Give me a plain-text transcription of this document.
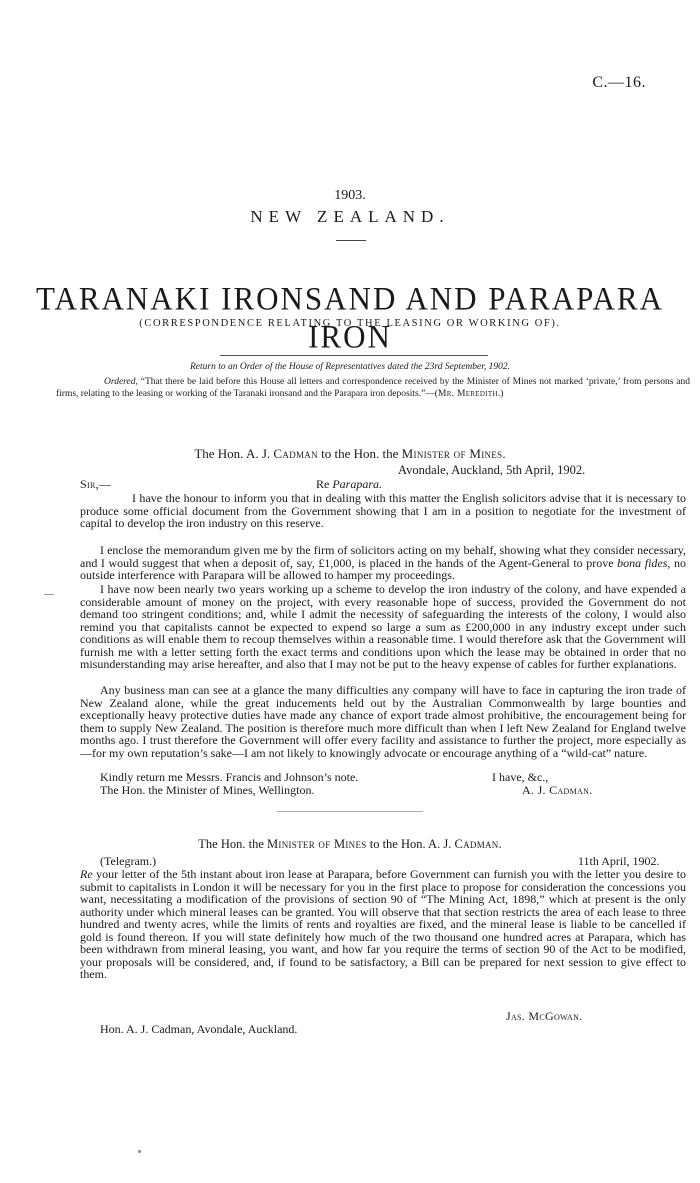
C.—16.
1903.
NEW ZEALAND.
TARANAKI IRONSAND AND PARAPARA IRON
(CORRESPONDENCE RELATING TO THE LEASING OR WORKING OF).
Return to an Order of the House of Representatives dated the 23rd September, 1902.
Ordered, “That there be laid before this House all letters and correspondence received by the Minister of Mines not marked ‘private,’ from persons and firms, relating to the leasing or working of the Taranaki ironsand and the Parapara iron deposits.”—(Mr. Meredith.)
The Hon. A. J. Cadman to the Hon. the Minister of Mines.
Avondale, Auckland, 5th April, 1902.
Sir,—	Re Parapara.
I have the honour to inform you that in dealing with this matter the English solicitors advise that it is necessary to produce some official document from the Government showing that I am in a position to negotiate for the investment of capital to develop the iron industry on this reserve.
I enclose the memorandum given me by the firm of solicitors acting on my behalf, showing what they consider necessary, and I would suggest that when a deposit of, say, £1,000, is placed in the hands of the Agent-General to prove bona fides, no outside interference with Parapara will be allowed to hamper my proceedings.
I have now been nearly two years working up a scheme to develop the iron industry of the colony, and have expended a considerable amount of money on the project, with every reasonable hope of success, provided the Government do not demand too stringent conditions; and, while I admit the necessity of safeguarding the interests of the colony, I would also remind you that capitalists cannot be expected to expend so large a sum as £200,000 in any industry except under such conditions as will enable them to recoup themselves within a reasonable time. I would therefore ask that the Government will furnish me with a letter setting forth the exact terms and conditions upon which the lease may be obtained in order that no misunderstanding may arise hereafter, and also that I may not be put to the heavy expense of cables for further explanations.
Any business man can see at a glance the many difficulties any company will have to face in capturing the iron trade of New Zealand alone, while the great inducements held out by the Australian Commonwealth by large bounties and exceptionally heavy protective duties have made any chance of export trade almost prohibitive, the encouragement being for them to supply New Zealand. The position is therefore much more difficult than when I left New Zealand for England twelve months ago. I trust therefore the Government will offer every facility and assistance to further the project, more especially as—for my own reputation’s sake—I am not likely to knowingly advocate or encourage anything of a “wild-cat” nature.
Kindly return me Messrs. Francis and Johnson’s note.	I have, &c.,
The Hon. the Minister of Mines, Wellington.	A. J. Cadman.
The Hon. the Minister of Mines to the Hon. A. J. Cadman.
(Telegram.)	11th April, 1902.
Re your letter of the 5th instant about iron lease at Parapara, before Government can furnish you with the letter you desire to submit to capitalists in London it will be necessary for you in the first place to propose for consideration the concessions you want, necessitating a modification of the provisions of section 90 of “The Mining Act, 1898,” which at present is the only authority under which mineral leases can be granted. You will observe that that section restricts the area of each lease to three hundred and twenty acres, while the limits of rents and royalties are fixed, and the mineral lease is liable to be cancelled if gold is found thereon. If you will state definitely how much of the two thousand one hundred acres at Parapara, which has been withdrawn from mineral leasing, you want, and how far you require the terms of section 90 of the Act to be modified, your proposals will be considered, and, if found to be satisfactory, a Bill can be prepared for next session to give effect to them.
Jas. McGowan.
Hon. A. J. Cadman, Avondale, Auckland.
